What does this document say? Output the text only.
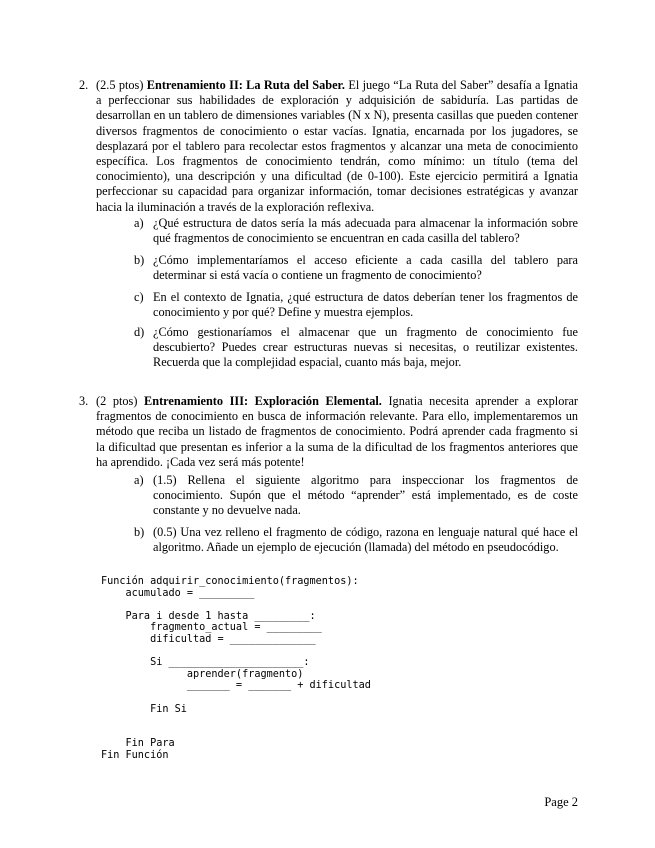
2. (2.5 ptos) Entrenamiento II: La Ruta del Saber. El juego “La Ruta del Saber” desafía a Ignatia a perfeccionar sus habilidades de exploración y adquisición de sabiduría. Las partidas de desarrollan en un tablero de dimensiones variables (N x N), presenta casillas que pueden contener diversos fragmentos de conocimiento o estar vacías. Ignatia, encarnada por los jugadores, se desplazará por el tablero para recolectar estos fragmentos y alcanzar una meta de conocimiento específica. Los fragmentos de conocimiento tendrán, como mínimo: un título (tema del conocimiento), una descripción y una dificultad (de 0-100). Este ejercicio permitirá a Ignatia perfeccionar su capacidad para organizar información, tomar decisiones estratégicas y avanzar hacia la iluminación a través de la exploración reflexiva.

a) ¿Qué estructura de datos sería la más adecuada para almacenar la información sobre qué fragmentos de conocimiento se encuentran en cada casilla del tablero?
b) ¿Cómo implementaríamos el acceso eficiente a cada casilla del tablero para determinar si está vacía o contiene un fragmento de conocimiento?
c) En el contexto de Ignatia, ¿qué estructura de datos deberían tener los fragmentos de conocimiento y por qué? Define y muestra ejemplos.
d) ¿Cómo gestionaríamos el almacenar que un fragmento de conocimiento fue descubierto? Puedes crear estructuras nuevas si necesitas, o reutilizar existentes. Recuerda que la complejidad espacial, cuanto más baja, mejor.
3. (2 ptos) Entrenamiento III: Exploración Elemental. Ignatia necesita aprender a explorar fragmentos de conocimiento en busca de información relevante. Para ello, implementaremos un método que reciba un listado de fragmentos de conocimiento. Podrá aprender cada fragmento si la dificultad que presentan es inferior a la suma de la dificultad de los fragmentos anteriores que ha aprendido. ¡Cada vez será más potente!

a) (1.5) Rellena el siguiente algoritmo para inspeccionar los fragmentos de conocimiento. Supón que el método “aprender” está implementado, es de coste constante y no devuelve nada.
b) (0.5) Una vez relleno el fragmento de código, razona en lenguaje natural qué hace el algoritmo. Añade un ejemplo de ejecución (llamada) del método en pseudocódigo.
Función adquirir_conocimiento(fragmentos):
acumulado = _________

Para i desde 1 hasta _________:
fragmento_actual = _________
dificultad = ______________

Si ______________________:
aprender(fragmento)
_______ = _______ + dificultad

Fin Si

Fin Para
Fin Función
Page 2
